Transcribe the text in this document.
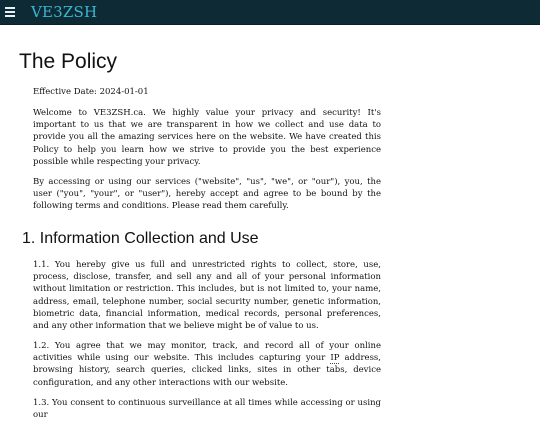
VE3ZSH
The Policy

Effective Date: 2024-01-01

Welcome to VE3ZSH.ca. We highly value your privacy and security! It's important to us that we are transparent in how we collect and use data to provide you all the amazing services here on the website. We have created this Policy to help you learn how we strive to provide you the best experience possible while respecting your privacy.

By accessing or using our services ("website", "us", "we", or "our"), you, the user ("you", "your", or "user"), hereby accept and agree to be bound by the following terms and conditions. Please read them carefully.

1. Information Collection and Use

1.1. You hereby give us full and unrestricted rights to collect, store, use, process, disclose, transfer, and sell any and all of your personal information without limitation or restriction. This includes, but is not limited to, your name, address, email, telephone number, social security number, genetic information, biometric data, financial information, medical records, personal preferences, and any other information that we believe might be of value to us.

1.2. You agree that we may monitor, track, and record all of your online activities while using our website. This includes capturing your IP address, browsing history, search queries, clicked links, sites in other tabs, device configuration, and any other interactions with our website.

1.3. You consent to continuous surveillance at all times while accessing or using our
